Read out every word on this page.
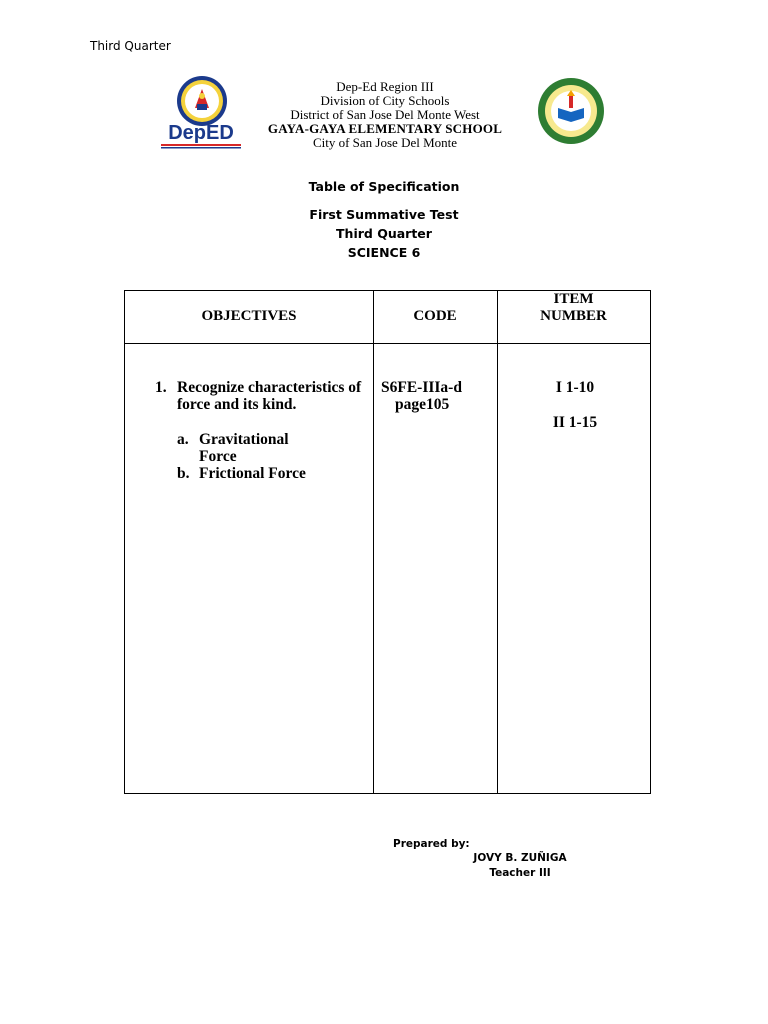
Third Quarter
DepED
Dep-Ed Region III
Division of City Schools
District of San Jose Del Monte West
GAYA-GAYA ELEMENTARY SCHOOL
City of San Jose Del Monte
Table of Specification
First Summative Test
Third Quarter
SCIENCE 6
OBJECTIVES	CODE
ITEM
NUMBER
1. Recognize characteristics of force and its kind.
a. Gravitational Force
b. Frictional Force
S6FE-IIIa-d
page105
I 1-10
II 1-15
Prepared by:
JOVY B. ZUÑIGA
Teacher III
